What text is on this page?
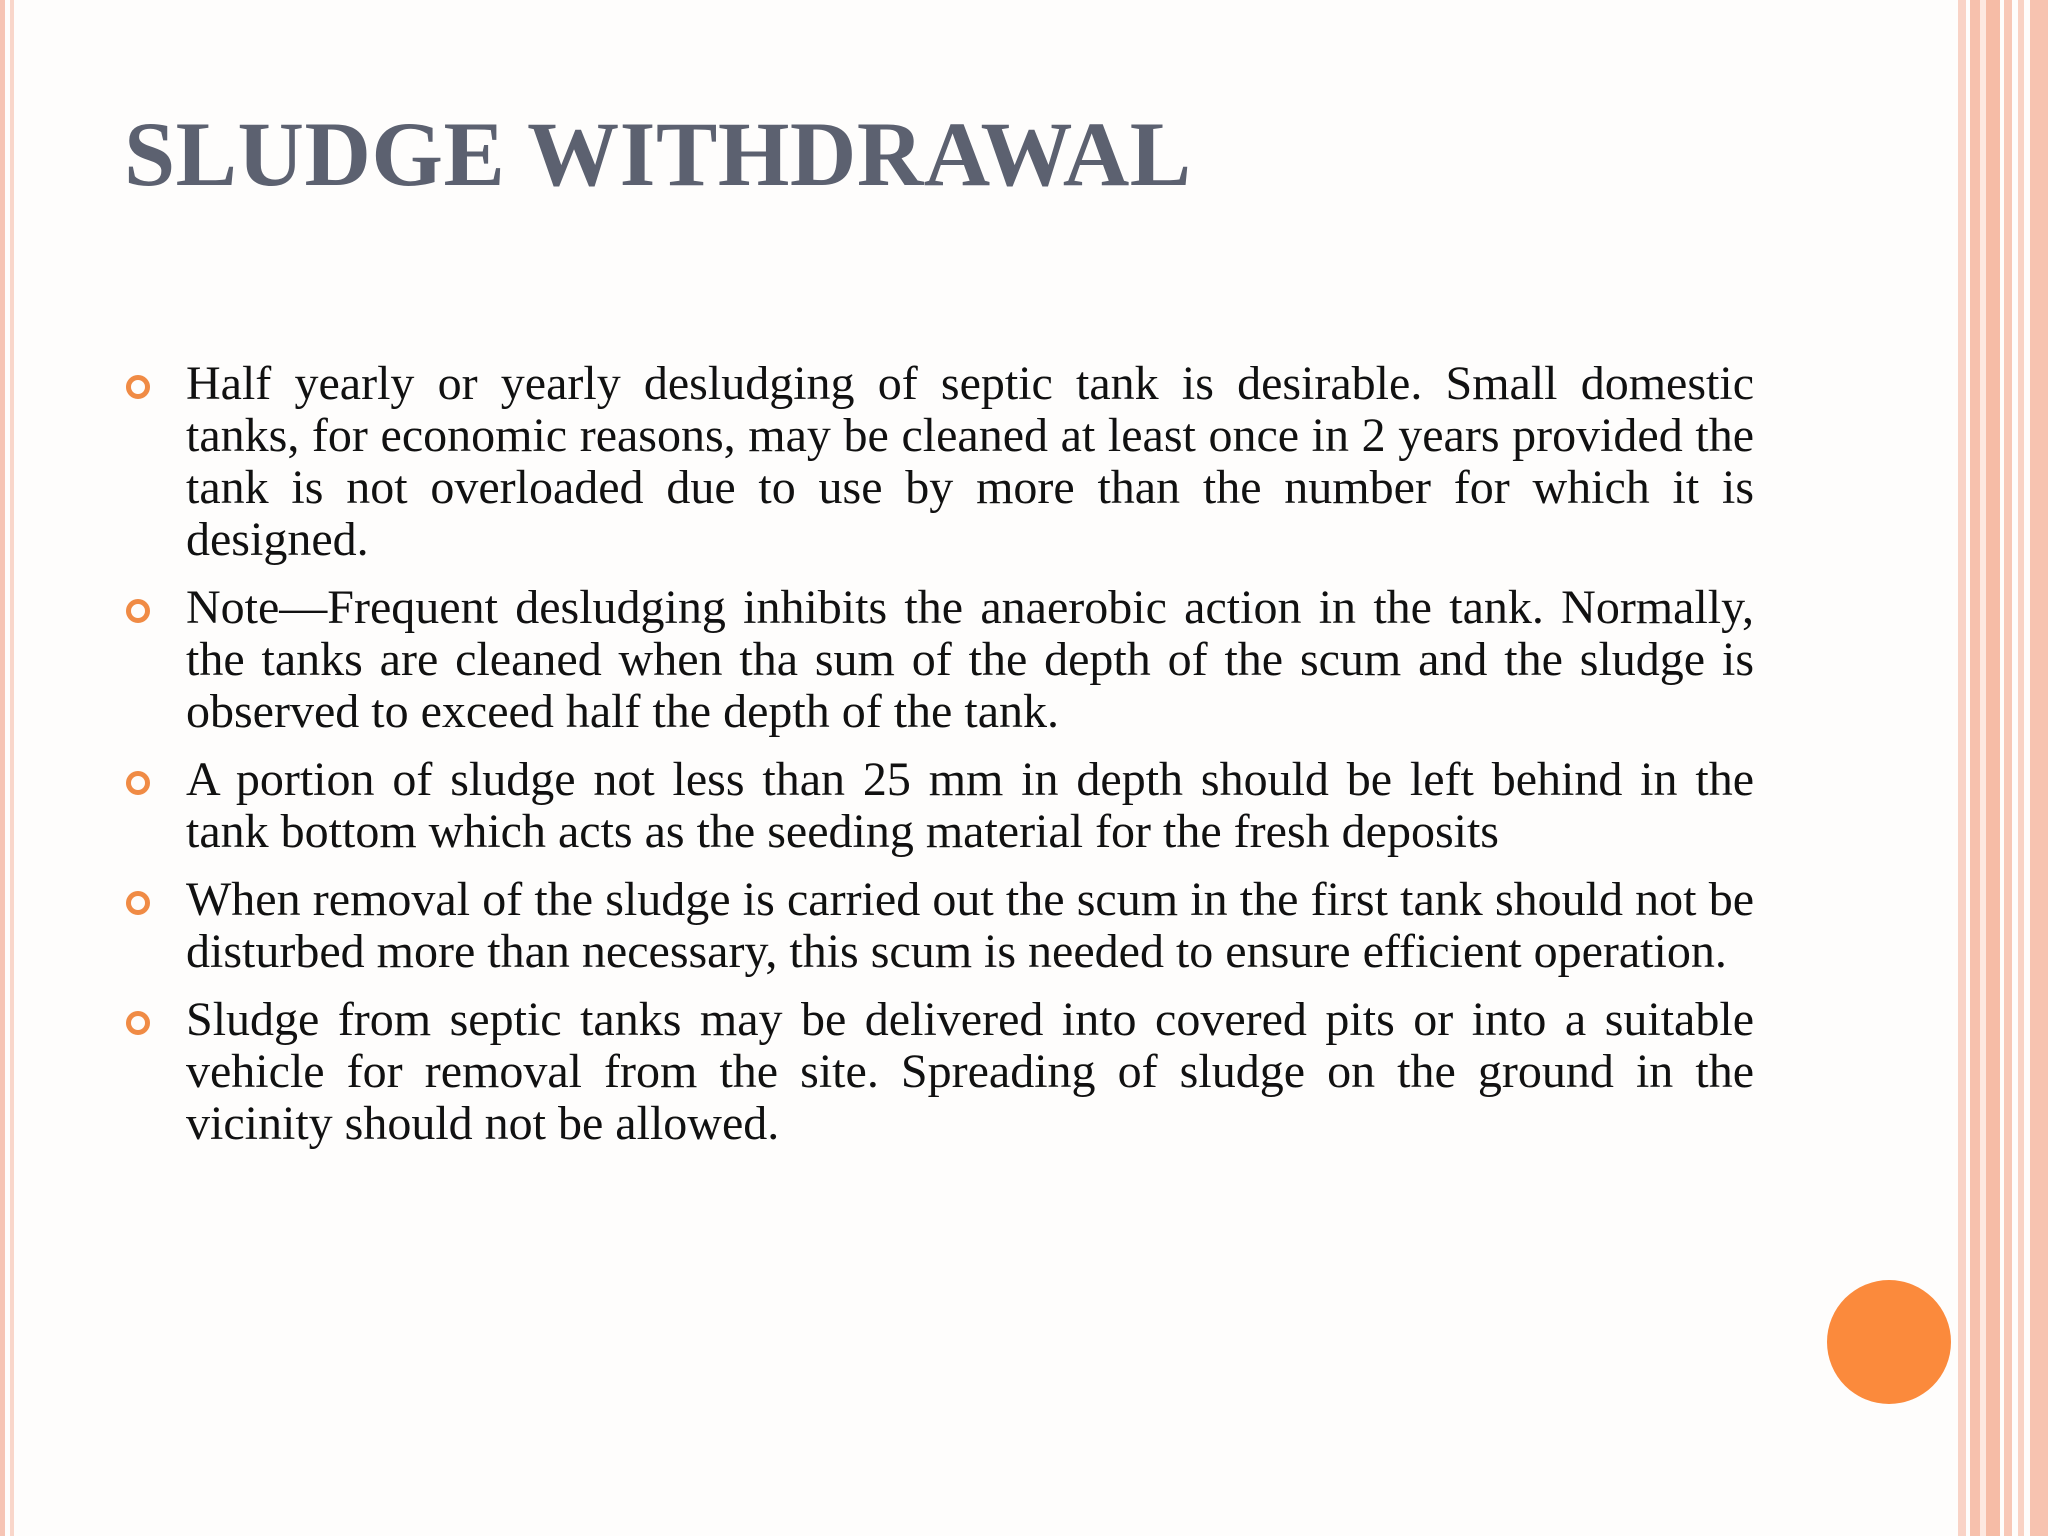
SLUDGE WITHDRAWAL
Half yearly or yearly desludging of septic tank is desirable. Small domestic tanks, for economic reasons, may be cleaned at least once in 2 years provided the tank is not overloaded due to use by more than the number for which it is designed.
Note—Frequent desludging inhibits the anaerobic action in the tank. Normally, the tanks are cleaned when tha sum of the depth of the scum and the sludge is observed to exceed half the depth of the tank.
A portion of sludge not less than 25 mm in depth should be left behind in the tank bottom which acts as the seeding material for the fresh deposits
When removal of the sludge is carried out the scum in the first tank should not be disturbed more than necessary, this scum is needed to ensure efficient operation.
Sludge from septic tanks may be delivered into covered pits or into a suitable vehicle for removal from the site. Spreading of sludge on the ground in the vicinity should not be allowed.
